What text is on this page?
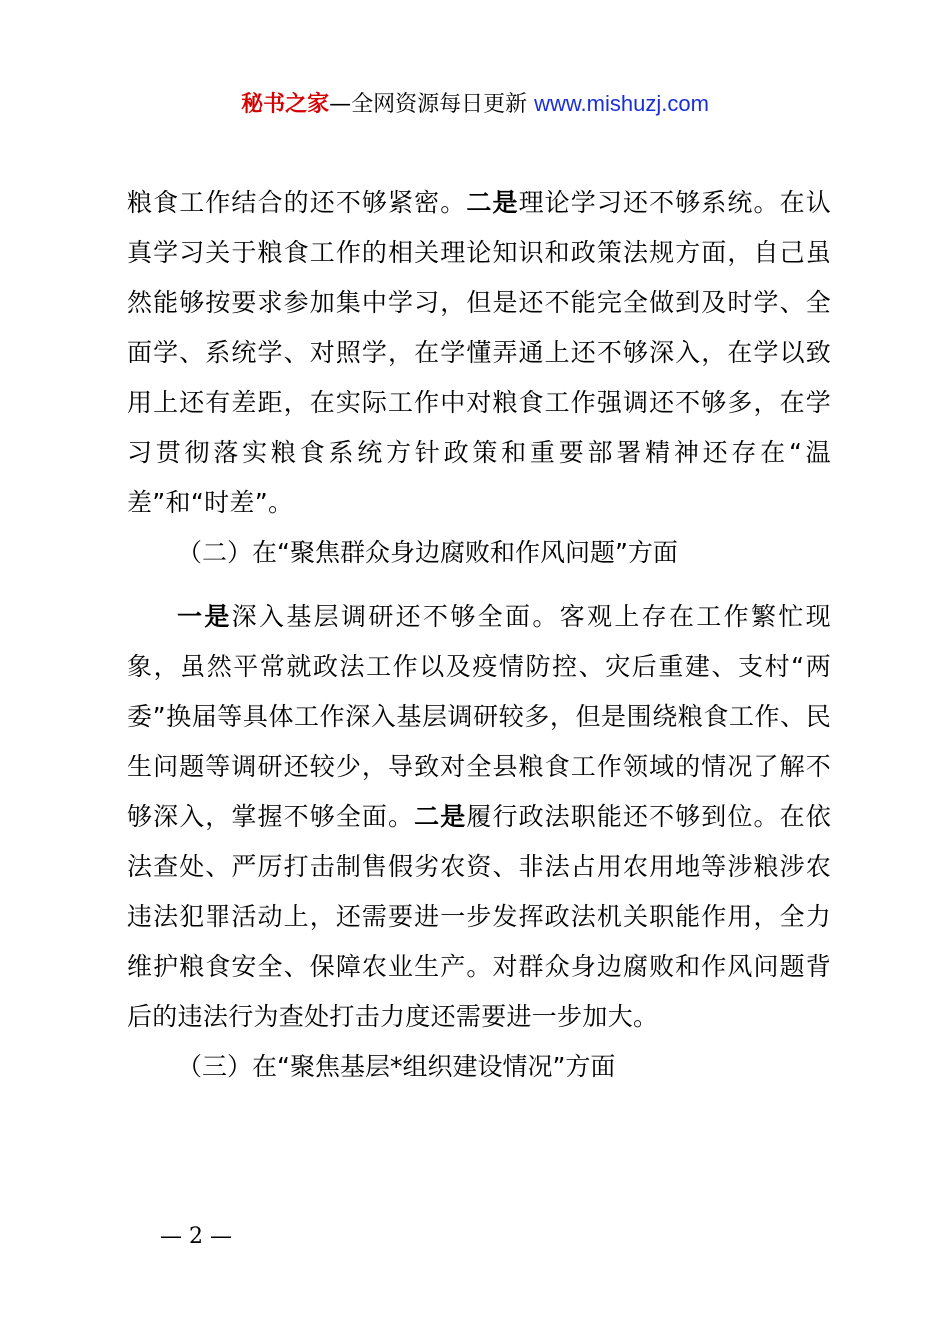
秘书之家—全网资源每日更新 www.mishuzj.com

粮食工作结合的还不够紧密。二是理论学习还不够系统。在认真学习关于粮食工作的相关理论知识和政策法规方面，自己虽然能够按要求参加集中学习，但是还不能完全做到及时学、全面学、系统学、对照学，在学懂弄通上还不够深入，在学以致用上还有差距，在实际工作中对粮食工作强调还不够多，在学习贯彻落实粮食系统方针政策和重要部署精神还存在“温差”和“时差”。

（二）在“聚焦群众身边腐败和作风问题”方面

一是深入基层调研还不够全面。客观上存在工作繁忙现象，虽然平常就政法工作以及疫情防控、灾后重建、支村“两委”换届等具体工作深入基层调研较多，但是围绕粮食工作、民生问题等调研还较少，导致对全县粮食工作领域的情况了解不够深入，掌握不够全面。二是履行政法职能还不够到位。在依法查处、严厉打击制售假劣农资、非法占用农用地等涉粮涉农违法犯罪活动上，还需要进一步发挥政法机关职能作用，全力维护粮食安全、保障农业生产。对群众身边腐败和作风问题背后的违法行为查处打击力度还需要进一步加大。

（三）在“聚焦基层*组织建设情况”方面

— 2 —
